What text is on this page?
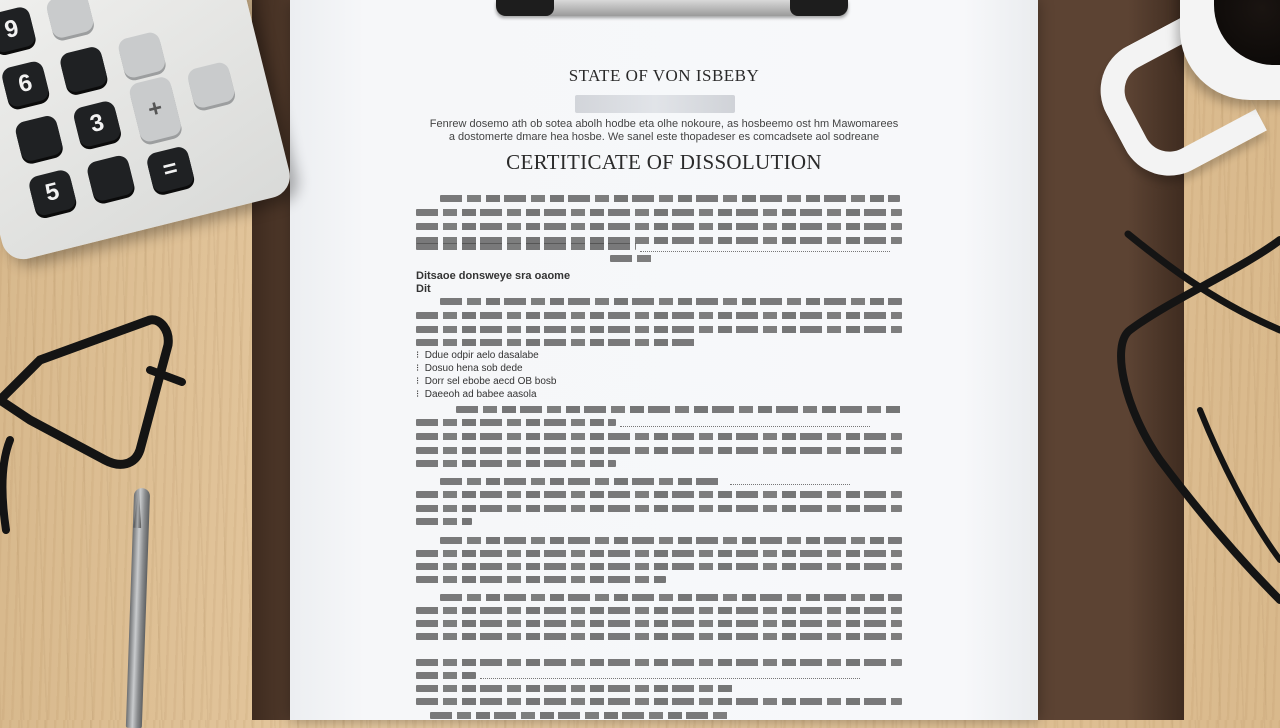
STATE OF VON ISBEBY
Fenrew dosemo ath ob sotea abolh hodbe eta olhe nokoure, as hosbeemo ost hm Mawomarees
a dostomerte dmare hea hosbe. We sanel este thopadeser es comcadsete aol sodreane
CERTITICATE OF DISSOLUTION
Ditsaoe donsweye sra oaome
Dit
⁝  Ddue odpir aelo dasalabe
⁝  Dosuo hena sob dede
⁝  Dorr sel ebobe aecd OB bosb
⁝  Daeeoh ad babee aasola
9
6
3	+
5
=
